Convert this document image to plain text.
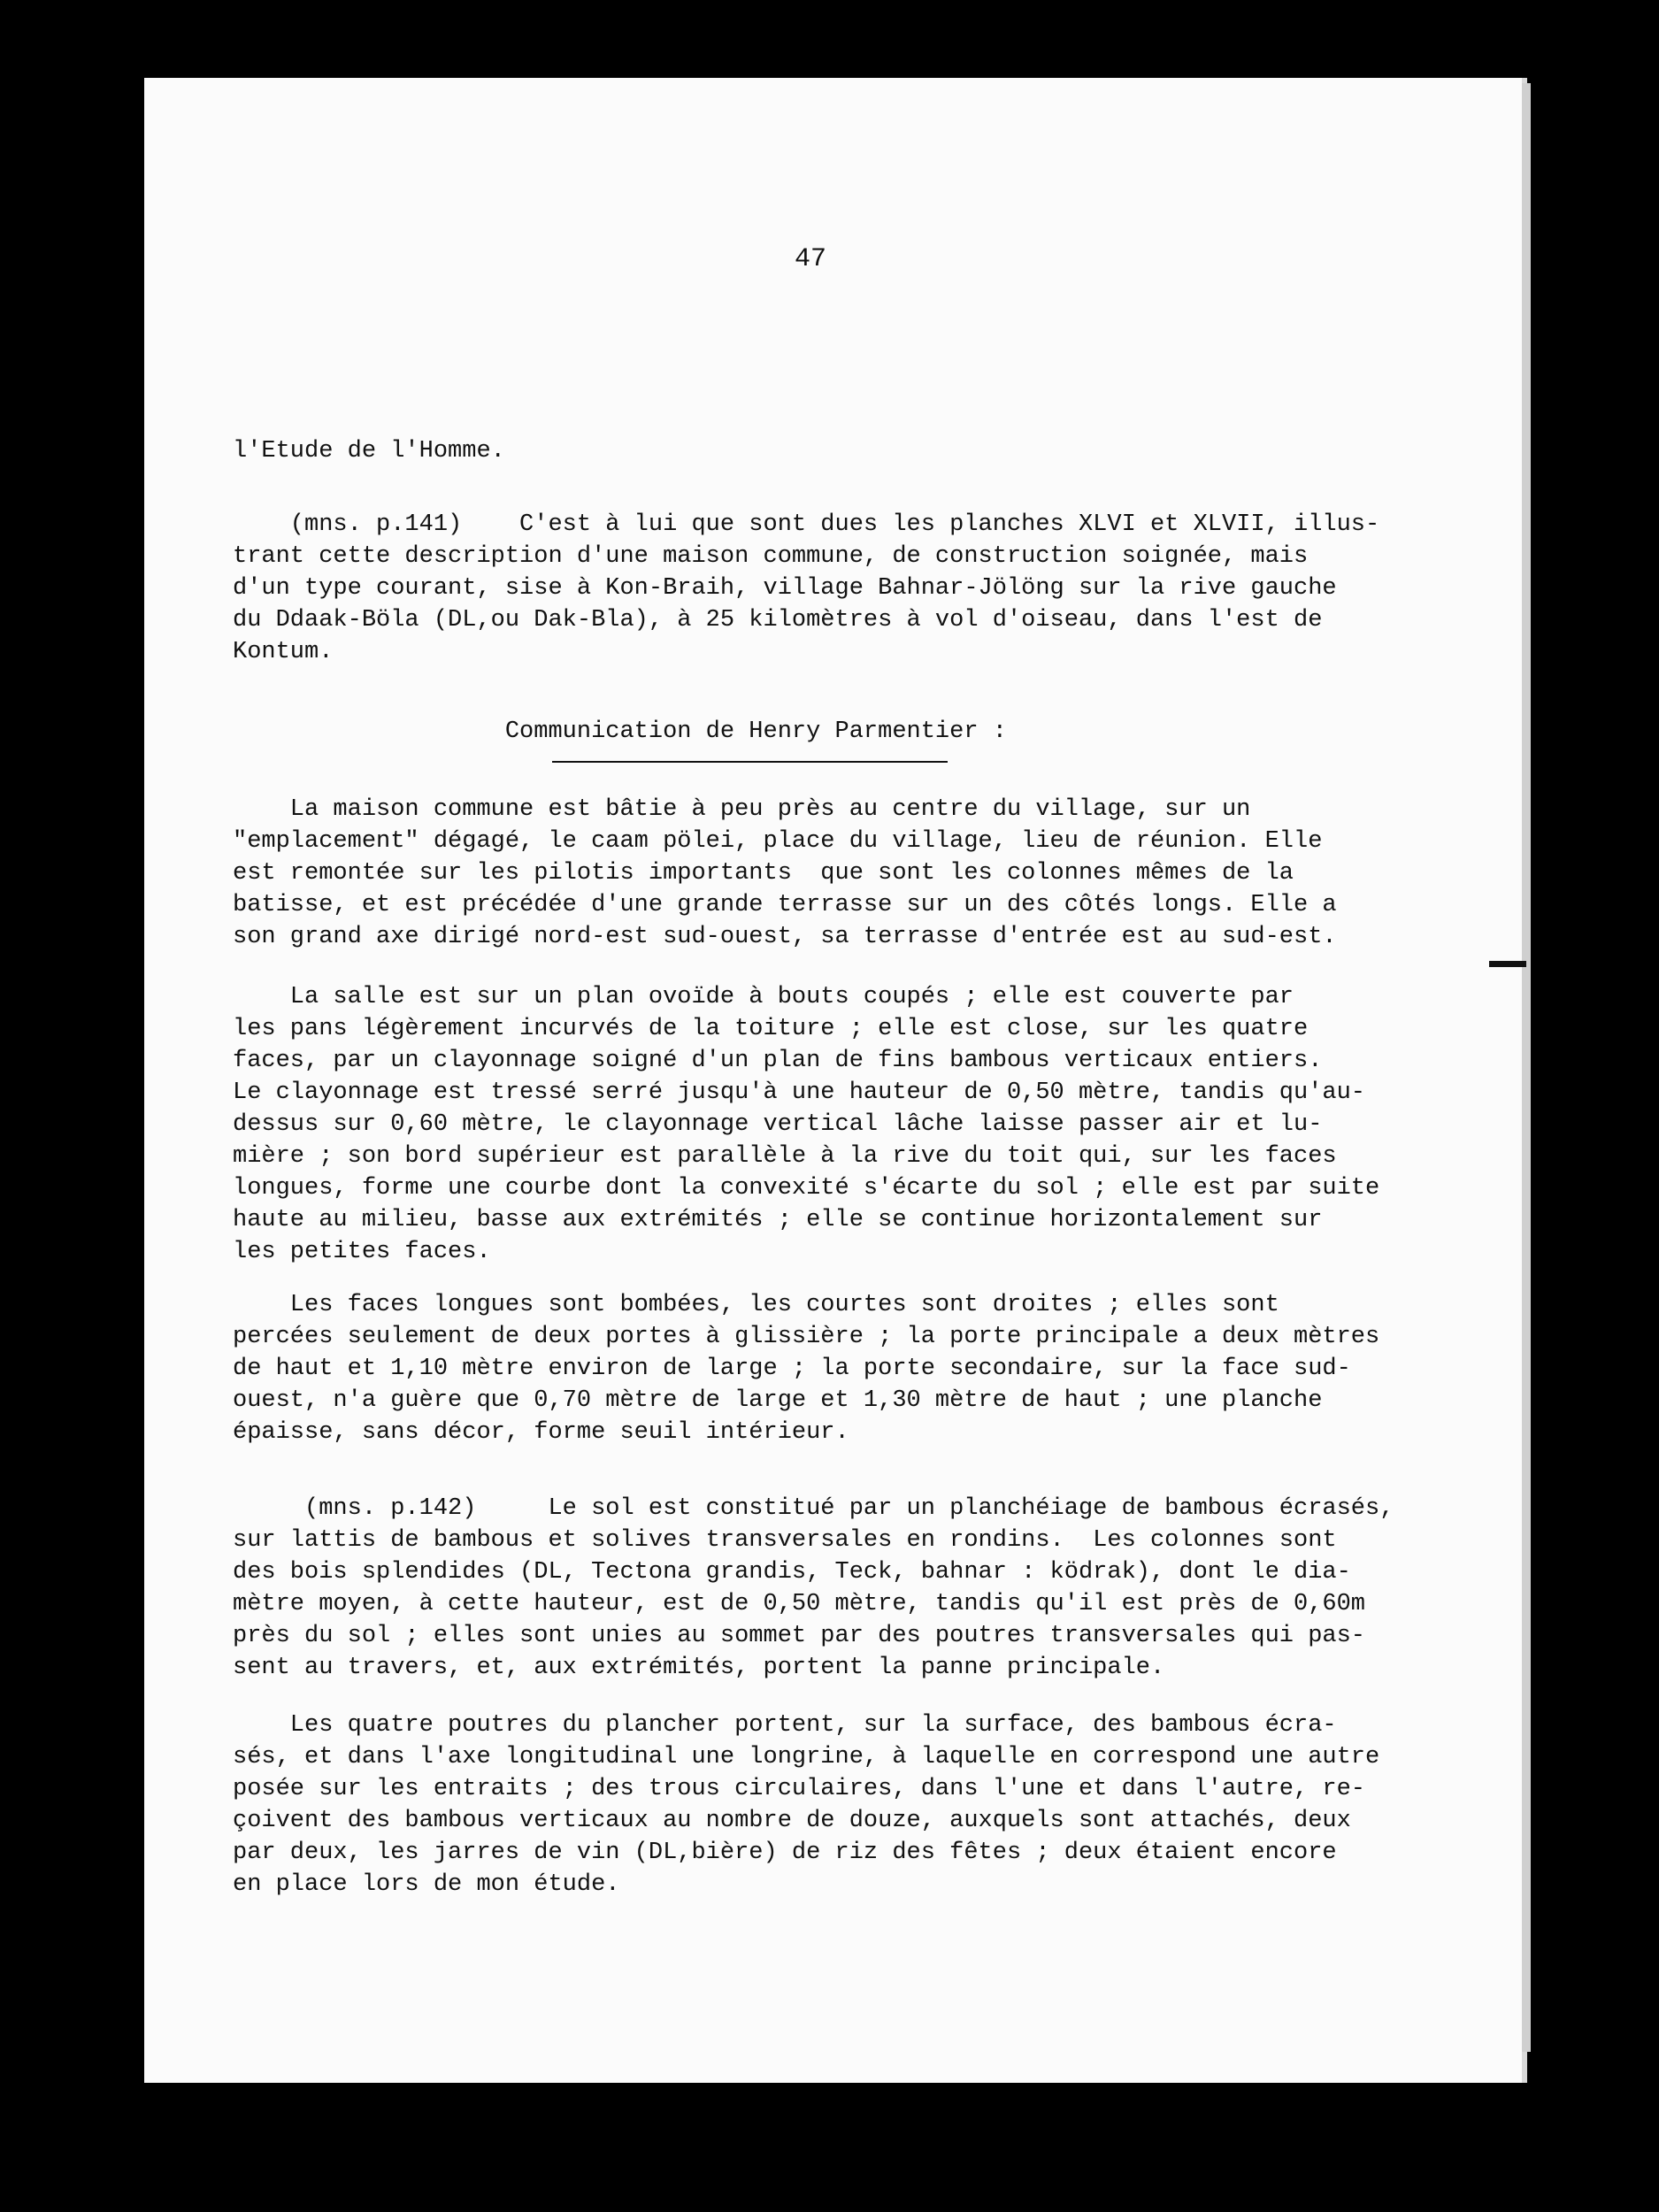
47
l'Etude de l'Homme.
(mns. p.141)    C'est à lui que sont dues les planches XLVI et XLVII, illus-
trant cette description d'une maison commune, de construction soignée, mais
d'un type courant, sise à Kon-Braih, village Bahnar-Jölöng sur la rive gauche
du Ddaak-Böla (DL,ou Dak-Bla), à 25 kilomètres à vol d'oiseau, dans l'est de
Kontum.
Communication de Henry Parmentier :
La maison commune est bâtie à peu près au centre du village, sur un
"emplacement" dégagé, le caam pölei, place du village, lieu de réunion. Elle
est remontée sur les pilotis importants  que sont les colonnes mêmes de la
batisse, et est précédée d'une grande terrasse sur un des côtés longs. Elle a
son grand axe dirigé nord-est sud-ouest, sa terrasse d'entrée est au sud-est.
La salle est sur un plan ovoïde à bouts coupés ; elle est couverte par
les pans légèrement incurvés de la toiture ; elle est close, sur les quatre
faces, par un clayonnage soigné d'un plan de fins bambous verticaux entiers.
Le clayonnage est tressé serré jusqu'à une hauteur de 0,50 mètre, tandis qu'au-
dessus sur 0,60 mètre, le clayonnage vertical lâche laisse passer air et lu-
mière ; son bord supérieur est parallèle à la rive du toit qui, sur les faces
longues, forme une courbe dont la convexité s'écarte du sol ; elle est par suite
haute au milieu, basse aux extrémités ; elle se continue horizontalement sur
les petites faces.
Les faces longues sont bombées, les courtes sont droites ; elles sont
percées seulement de deux portes à glissière ; la porte principale a deux mètres
de haut et 1,10 mètre environ de large ; la porte secondaire, sur la face sud-
ouest, n'a guère que 0,70 mètre de large et 1,30 mètre de haut ; une planche
épaisse, sans décor, forme seuil intérieur.
(mns. p.142)     Le sol est constitué par un planchéiage de bambous écrasés,
sur lattis de bambous et solives transversales en rondins.  Les colonnes sont
des bois splendides (DL, Tectona grandis, Teck, bahnar : ködrak), dont le dia-
mètre moyen, à cette hauteur, est de 0,50 mètre, tandis qu'il est près de 0,60m
près du sol ; elles sont unies au sommet par des poutres transversales qui pas-
sent au travers, et, aux extrémités, portent la panne principale.
Les quatre poutres du plancher portent, sur la surface, des bambous écra-
sés, et dans l'axe longitudinal une longrine, à laquelle en correspond une autre
posée sur les entraits ; des trous circulaires, dans l'une et dans l'autre, re-
çoivent des bambous verticaux au nombre de douze, auxquels sont attachés, deux
par deux, les jarres de vin (DL,bière) de riz des fêtes ; deux étaient encore
en place lors de mon étude.
